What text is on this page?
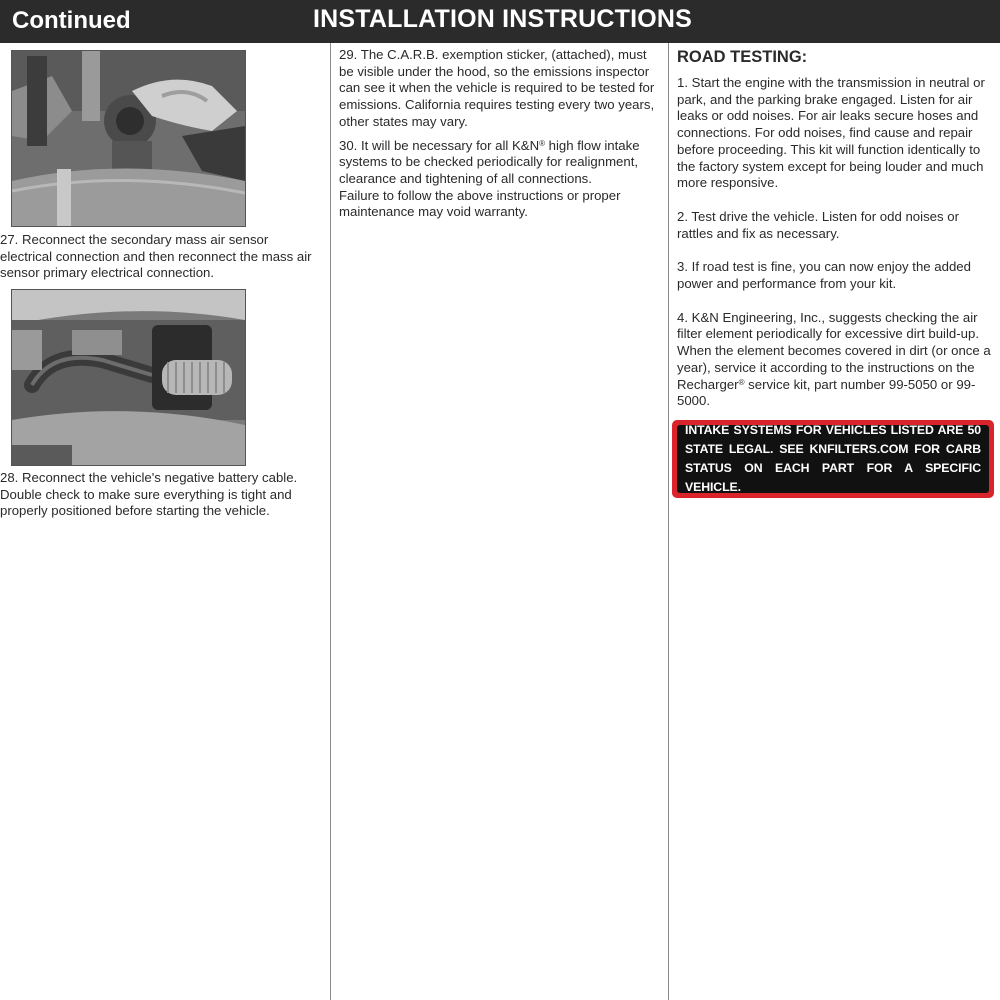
Continued	INSTALLATION INSTRUCTIONS

27. Reconnect the secondary mass air sensor electrical connection and then reconnect the mass air sensor primary electrical connection.

28. Reconnect the vehicle's negative battery cable. Double check to make sure everything is tight and properly positioned before starting the vehicle.

29. The C.A.R.B. exemption sticker, (attached), must be visible under the hood, so the emissions inspector can see it when the vehicle is required to be tested for emissions. California requires testing every two years, other states may vary.

30. It will be necessary for all K&N® high flow intake systems to be checked periodically for realignment, clearance and tightening of all connections.

Failure to follow the above instructions or proper maintenance may void warranty.

ROAD TESTING:

1. Start the engine with the transmission in neutral or park, and the parking brake engaged. Listen for air leaks or odd noises. For air leaks secure hoses and connections. For odd noises, find cause and repair before proceeding. This kit will function identically to the factory system except for being louder and much more responsive.

2. Test drive the vehicle. Listen for odd noises or rattles and fix as necessary.

3. If road test is fine, you can now enjoy the added power and performance from your kit.

4. K&N Engineering, Inc., suggests checking the air filter element periodically for excessive dirt build-up. When the element becomes covered in dirt (or once a year), service it according to the instructions on the Recharger® service kit, part number 99-5050 or 99-5000.

INTAKE SYSTEMS FOR VEHICLES LISTED ARE 50 STATE LEGAL. SEE KNFILTERS.COM FOR CARB STATUS ON EACH PART FOR A SPECIFIC VEHICLE.
